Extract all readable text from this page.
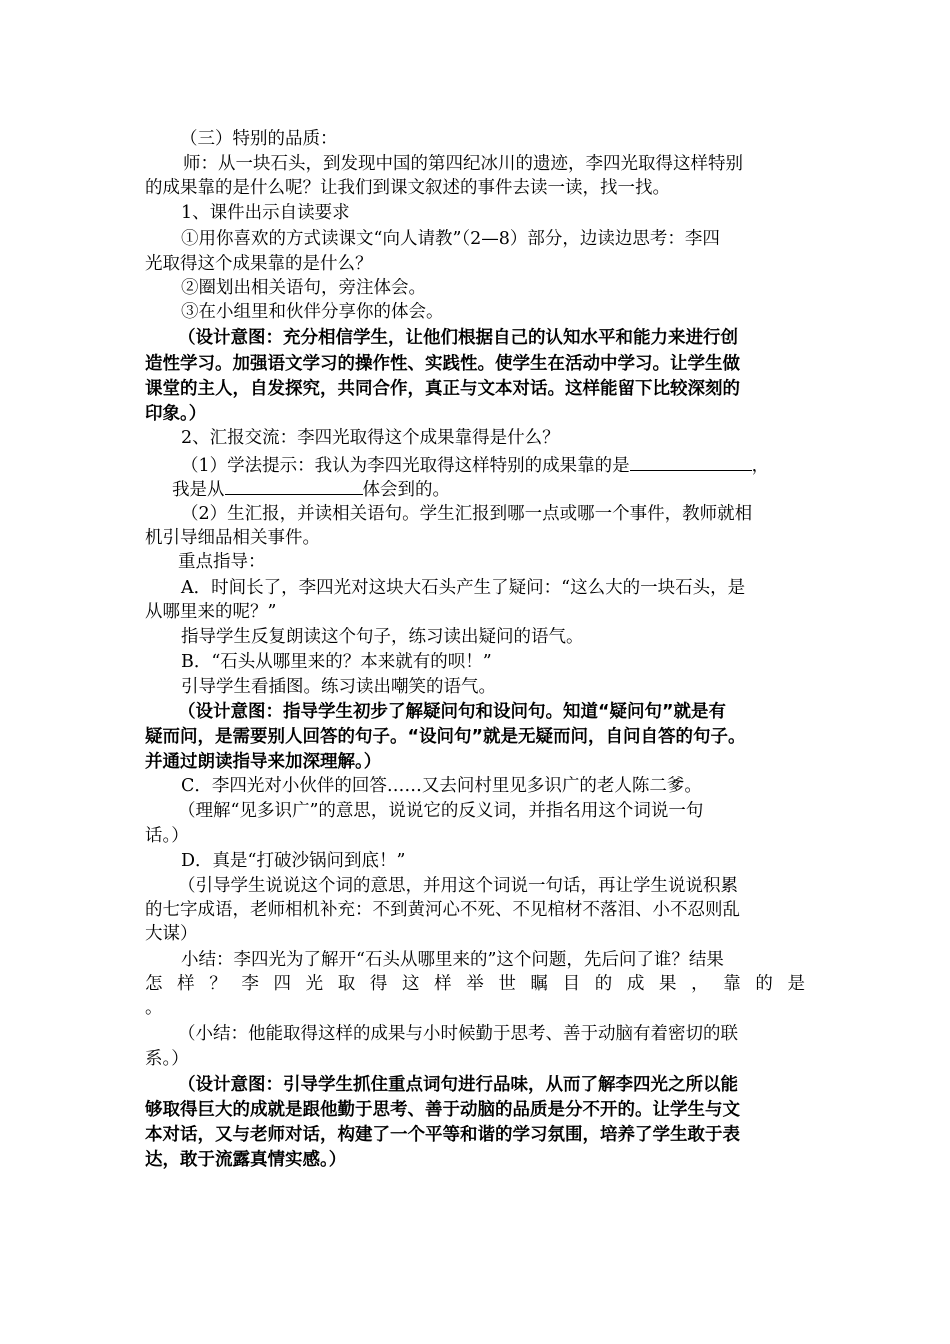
（三）特别的品质：
师：从一块石头，到发现中国的第四纪冰川的遗迹，李四光取得这样特别
的成果靠的是什么呢？让我们到课文叙述的事件去读一读，找一找。
1、课件出示自读要求
①用你喜欢的方式读课文“向人请教”（2—8）部分，边读边思考：李四
光取得这个成果靠的是什么？
②圈划出相关语句，旁注体会。
③在小组里和伙伴分享你的体会。
（设计意图：充分相信学生，让他们根据自己的认知水平和能力来进行创
造性学习。加强语文学习的操作性、实践性。使学生在活动中学习。让学生做
课堂的主人，自发探究，共同合作，真正与文本对话。这样能留下比较深刻的
印象。）
2、汇报交流：李四光取得这个成果靠得是什么？
（1）学法提示：我认为李四光取得这样特别的成果靠的是	，
我是从	体会到的。
（2）生汇报，并读相关语句。学生汇报到哪一点或哪一个事件，教师就相
机引导细品相关事件。
重点指导：
A．时间长了，李四光对这块大石头产生了疑问：“这么大的一块石头，是
从哪里来的呢？”
指导学生反复朗读这个句子，练习读出疑问的语气。
B．“石头从哪里来的？本来就有的呗！”
引导学生看插图。练习读出嘲笑的语气。
（设计意图：指导学生初步了解疑问句和设问句。知道“疑问句”就是有
疑而问，是需要别人回答的句子。“设问句”就是无疑而问，自问自答的句子。
并通过朗读指导来加深理解。）
C．李四光对小伙伴的回答……又去问村里见多识广的老人陈二爹。
（理解“见多识广”的意思，说说它的反义词，并指名用这个词说一句
话。）
D．真是“打破沙锅问到底！”
（引导学生说说这个词的意思，并用这个词说一句话，再让学生说说积累
的七字成语，老师相机补充：不到黄河心不死、不见棺材不落泪、小不忍则乱
大谋）
小结：李四光为了解开“石头从哪里来的”这个问题，先后问了谁？结果
怎样？李四光取得这样举世瞩目的成果，靠的是
。
（小结：他能取得这样的成果与小时候勤于思考、善于动脑有着密切的联
系。）
（设计意图：引导学生抓住重点词句进行品味，从而了解李四光之所以能
够取得巨大的成就是跟他勤于思考、善于动脑的品质是分不开的。让学生与文
本对话，又与老师对话，构建了一个平等和谐的学习氛围，培养了学生敢于表
达，敢于流露真情实感。）
